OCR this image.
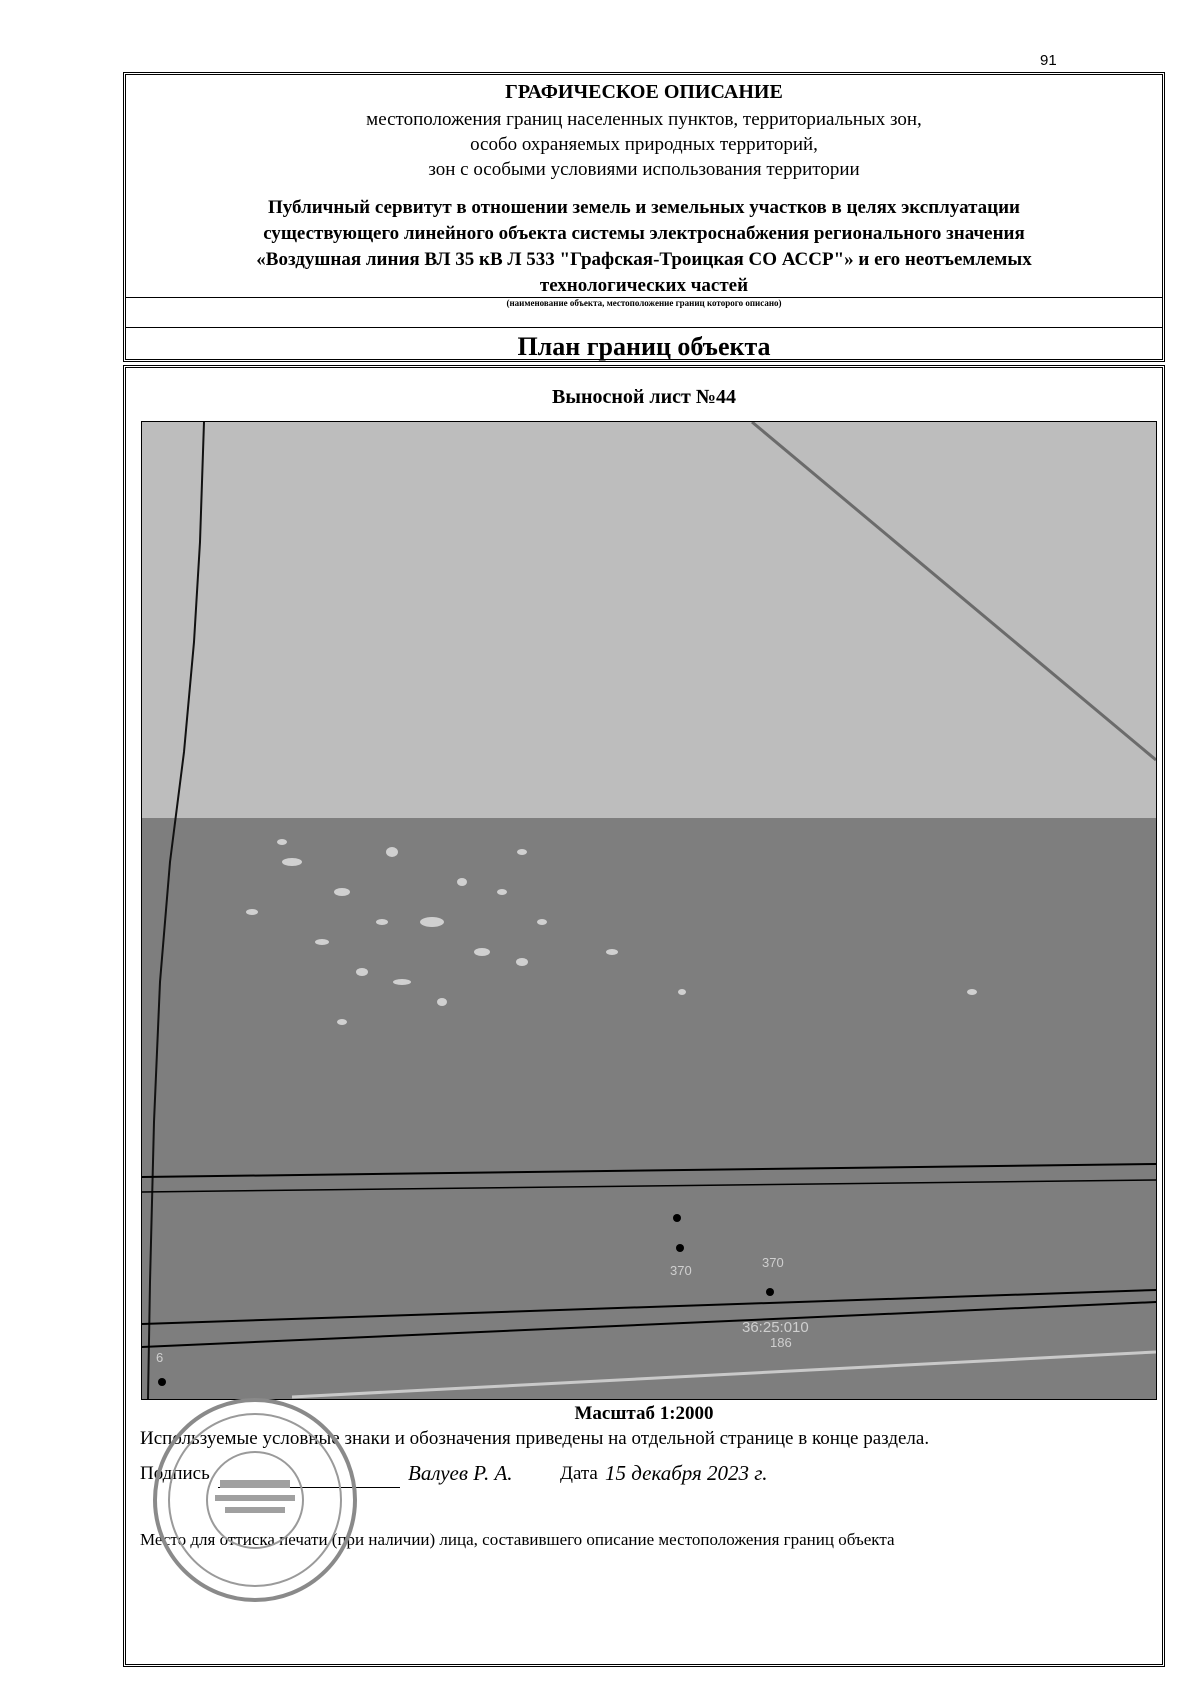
91
ГРАФИЧЕСКОЕ ОПИСАНИЕ
местоположения границ населенных пунктов, территориальных зон,
особо охраняемых природных территорий,
зон с особыми условиями использования территории
Публичный сервитут в отношении земель и земельных участков в целях эксплуатации
существующего линейного объекта системы электроснабжения регионального значения
«Воздушная линия ВЛ 35 кВ Л 533 "Графская-Троицкая СО АССР"» и его неотъемлемых
технологических частей
(наименование объекта, местоположение границ которого описано)
План границ объекта
Выносной лист №44
370
370
36:25:010
186
6
Масштаб 1:2000
Используемые условные знаки и обозначения приведены на отдельной странице в конце раздела.
Подпись	Валуев Р. А. Дата 15 декабря 2023 г.
Место для оттиска печати (при наличии) лица, составившего описание местоположения границ объекта
